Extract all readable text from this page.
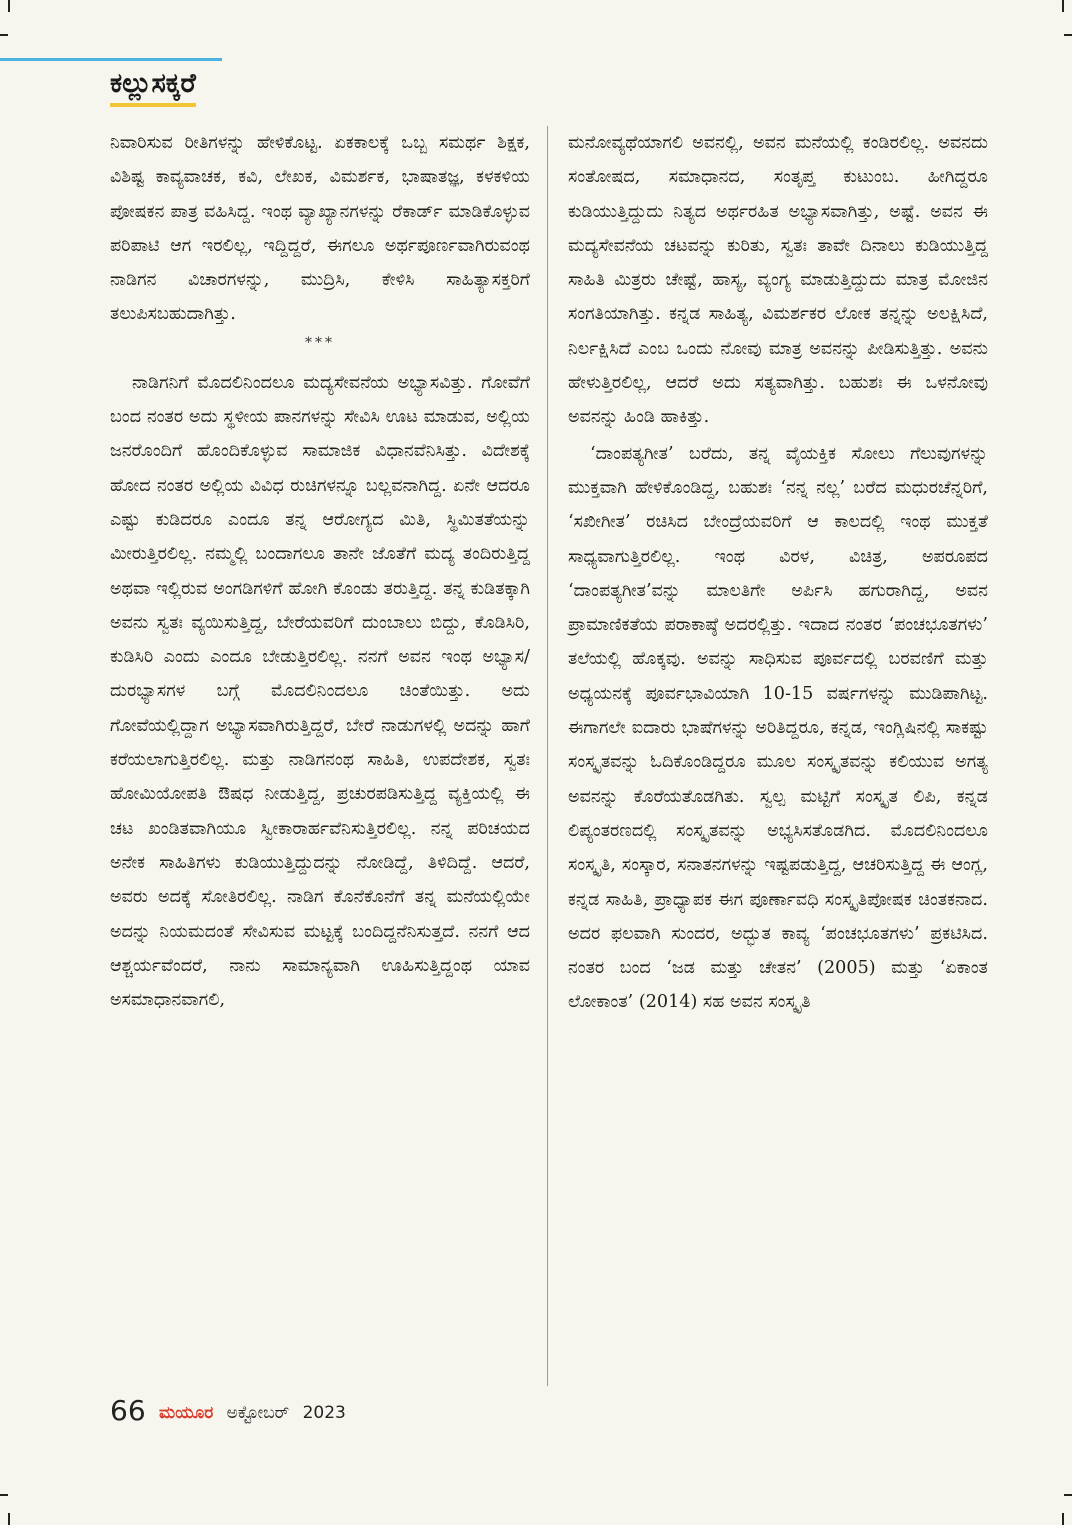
ಕಲ್ಲುಸಕ್ಕರೆ

ನಿವಾರಿಸುವ ರೀತಿಗಳನ್ನು ಹೇಳಿಕೊಟ್ಟ. ಏಕಕಾಲಕ್ಕೆ ಒಬ್ಬ ಸಮರ್ಥ ಶಿಕ್ಷಕ, ವಿಶಿಷ್ಟ ಕಾವ್ಯವಾಚಕ, ಕವಿ, ಲೇಖಕ, ವಿಮರ್ಶಕ, ಭಾಷಾತಜ್ಞ, ಕಳಕಳಿಯ ಪೋಷಕನ ಪಾತ್ರ ವಹಿಸಿದ್ದ. ಇಂಥ ವ್ಯಾಖ್ಯಾನಗಳನ್ನು ರೆಕಾರ್ಡ್ ಮಾಡಿಕೊಳ್ಳುವ ಪರಿಪಾಟಿ ಆಗ ಇರಲಿಲ್ಲ, ಇದ್ದಿದ್ದರೆ, ಈಗಲೂ ಅರ್ಥಪೂರ್ಣವಾಗಿರುವಂಥ ನಾಡಿಗನ ವಿಚಾರಗಳನ್ನು, ಮುದ್ರಿಸಿ, ಕೇಳಿಸಿ ಸಾಹಿತ್ಯಾಸಕ್ತರಿಗೆ ತಲುಪಿಸಬಹುದಾಗಿತ್ತು.

***

ನಾಡಿಗನಿಗೆ ಮೊದಲಿನಿಂದಲೂ ಮದ್ಯಸೇವನೆಯ ಅಭ್ಯಾಸವಿತ್ತು. ಗೋವೆಗೆ ಬಂದ ನಂತರ ಅದು ಸ್ಥಳೀಯ ಪಾನಗಳನ್ನು ಸೇವಿಸಿ ಊಟ ಮಾಡುವ, ಅಲ್ಲಿಯ ಜನರೊಂದಿಗೆ ಹೊಂದಿಕೊಳ್ಳುವ ಸಾಮಾಜಿಕ ವಿಧಾನವೆನಿಸಿತ್ತು. ವಿದೇಶಕ್ಕೆ ಹೋದ ನಂತರ ಅಲ್ಲಿಯ ವಿವಿಧ ರುಚಿಗಳನ್ನೂ ಬಲ್ಲವನಾಗಿದ್ದ. ಏನೇ ಆದರೂ ಎಷ್ಟು ಕುಡಿದರೂ ಎಂದೂ ತನ್ನ ಆರೋಗ್ಯದ ಮಿತಿ, ಸ್ಥಿಮಿತತೆಯನ್ನು ಮೀರುತ್ತಿರಲಿಲ್ಲ. ನಮ್ಮಲ್ಲಿ ಬಂದಾಗಲೂ ತಾನೇ ಜೊತೆಗೆ ಮದ್ಯ ತಂದಿರುತ್ತಿದ್ದ ಅಥವಾ ಇಲ್ಲಿರುವ ಅಂಗಡಿಗಳಿಗೆ ಹೋಗಿ ಕೊಂಡು ತರುತ್ತಿದ್ದ. ತನ್ನ ಕುಡಿತಕ್ಕಾಗಿ ಅವನು ಸ್ವತಃ ವ್ಯಯಿಸುತ್ತಿದ್ದ, ಬೇರೆಯವರಿಗೆ ದುಂಬಾಲು ಬಿದ್ದು, ಕೊಡಿಸಿರಿ, ಕುಡಿಸಿರಿ ಎಂದು ಎಂದೂ ಬೇಡುತ್ತಿರಲಿಲ್ಲ. ನನಗೆ ಅವನ ಇಂಥ ಅಭ್ಯಾಸ/ದುರಭ್ಯಾಸಗಳ ಬಗ್ಗೆ ಮೊದಲಿನಿಂದಲೂ ಚಿಂತೆಯಿತ್ತು. ಅದು ಗೋವೆಯಲ್ಲಿದ್ದಾಗ ಅಭ್ಯಾಸವಾಗಿರುತ್ತಿದ್ದರೆ, ಬೇರೆ ನಾಡುಗಳಲ್ಲಿ ಅದನ್ನು ಹಾಗೆ ಕರೆಯಲಾಗುತ್ತಿರಲಿಲ್ಲ. ಮತ್ತು ನಾಡಿಗನಂಥ ಸಾಹಿತಿ, ಉಪದೇಶಕ, ಸ್ವತಃ ಹೋಮಿಯೋಪತಿ ಔಷಧ ನೀಡುತ್ತಿದ್ದ, ಪ್ರಚುರಪಡಿಸುತ್ತಿದ್ದ ವ್ಯಕ್ತಿಯಲ್ಲಿ ಈ ಚಟ ಖಂಡಿತವಾಗಿಯೂ ಸ್ವೀಕಾರಾರ್ಹವೆನಿಸುತ್ತಿರಲಿಲ್ಲ. ನನ್ನ ಪರಿಚಯದ ಅನೇಕ ಸಾಹಿತಿಗಳು ಕುಡಿಯುತ್ತಿದ್ದುದನ್ನು ನೋಡಿದ್ದೆ, ತಿಳಿದಿದ್ದೆ. ಆದರೆ, ಅವರು ಅದಕ್ಕೆ ಸೋತಿರಲಿಲ್ಲ. ನಾಡಿಗ ಕೊನೆಕೊನೆಗೆ ತನ್ನ ಮನೆಯಲ್ಲಿಯೇ ಅದನ್ನು ನಿಯಮದಂತೆ ಸೇವಿಸುವ ಮಟ್ಟಕ್ಕೆ ಬಂದಿದ್ದನೆನಿಸುತ್ತದೆ. ನನಗೆ ಆದ ಆಶ್ಚರ್ಯವೆಂದರೆ, ನಾನು ಸಾಮಾನ್ಯವಾಗಿ ಊಹಿಸುತ್ತಿದ್ದಂಥ ಯಾವ ಅಸಮಾಧಾನವಾಗಲಿ,

ಮನೋವ್ಯಥೆಯಾಗಲಿ ಅವನಲ್ಲಿ, ಅವನ ಮನೆಯಲ್ಲಿ ಕಂಡಿರಲಿಲ್ಲ. ಅವನದು ಸಂತೋಷದ, ಸಮಾಧಾನದ, ಸಂತೃಪ್ತ ಕುಟುಂಬ. ಹೀಗಿದ್ದರೂ ಕುಡಿಯುತ್ತಿದ್ದುದು ನಿತ್ಯದ ಅರ್ಥರಹಿತ ಅಭ್ಯಾಸವಾಗಿತ್ತು, ಅಷ್ಟೆ. ಅವನ ಈ ಮದ್ಯಸೇವನೆಯ ಚಟವನ್ನು ಕುರಿತು, ಸ್ವತಃ ತಾವೇ ದಿನಾಲು ಕುಡಿಯುತ್ತಿದ್ದ ಸಾಹಿತಿ ಮಿತ್ರರು ಚೇಷ್ಟೆ, ಹಾಸ್ಯ, ವ್ಯಂಗ್ಯ ಮಾಡುತ್ತಿದ್ದುದು ಮಾತ್ರ ಮೋಜಿನ ಸಂಗತಿಯಾಗಿತ್ತು. ಕನ್ನಡ ಸಾಹಿತ್ಯ, ವಿಮರ್ಶಕರ ಲೋಕ ತನ್ನನ್ನು ಅಲಕ್ಷಿಸಿದೆ, ನಿರ್ಲಕ್ಷಿಸಿದೆ ಎಂಬ ಒಂದು ನೋವು ಮಾತ್ರ ಅವನನ್ನು ಪೀಡಿಸುತ್ತಿತ್ತು. ಅವನು ಹೇಳುತ್ತಿರಲಿಲ್ಲ, ಆದರೆ ಅದು ಸತ್ಯವಾಗಿತ್ತು. ಬಹುಶಃ ಈ ಒಳನೋವು ಅವನನ್ನು ಹಿಂಡಿ ಹಾಕಿತ್ತು.

‘ದಾಂಪತ್ಯಗೀತ’ ಬರೆದು, ತನ್ನ ವೈಯಕ್ತಿಕ ಸೋಲು ಗೆಲುವುಗಳನ್ನು ಮುಕ್ತವಾಗಿ ಹೇಳಿಕೊಂಡಿದ್ದ, ಬಹುಶಃ ‘ನನ್ನ ನಲ್ಲ’ ಬರೆದ ಮಧುರಚೆನ್ನರಿಗೆ, ‘ಸಖೀಗೀತ’ ರಚಿಸಿದ ಬೇಂದ್ರೆಯವರಿಗೆ ಆ ಕಾಲದಲ್ಲಿ ಇಂಥ ಮುಕ್ತತೆ ಸಾಧ್ಯವಾಗುತ್ತಿರಲಿಲ್ಲ. ಇಂಥ ವಿರಳ, ವಿಚಿತ್ರ, ಅಪರೂಪದ ‘ದಾಂಪತ್ಯಗೀತ’ವನ್ನು ಮಾಲತಿಗೇ ಅರ್ಪಿಸಿ ಹಗುರಾಗಿದ್ದ, ಅವನ ಪ್ರಾಮಾಣಿಕತೆಯ ಪರಾಕಾಷ್ಠೆ ಅದರಲ್ಲಿತ್ತು. ಇದಾದ ನಂತರ ‘ಪಂಚಭೂತಗಳು’ ತಲೆಯಲ್ಲಿ ಹೊಕ್ಕವು. ಅವನ್ನು ಸಾಧಿಸುವ ಪೂರ್ವದಲ್ಲಿ ಬರವಣಿಗೆ ಮತ್ತು ಅಧ್ಯಯನಕ್ಕೆ ಪೂರ್ವಭಾವಿಯಾಗಿ 10-15 ವರ್ಷಗಳನ್ನು ಮುಡಿಪಾಗಿಟ್ಟ. ಈಗಾಗಲೇ ಐದಾರು ಭಾಷೆಗಳನ್ನು ಅರಿತಿದ್ದರೂ, ಕನ್ನಡ, ಇಂಗ್ಲಿಷಿನಲ್ಲಿ ಸಾಕಷ್ಟು ಸಂಸ್ಕೃತವನ್ನು ಓದಿಕೊಂಡಿದ್ದರೂ ಮೂಲ ಸಂಸ್ಕೃತವನ್ನು ಕಲಿಯುವ ಅಗತ್ಯ ಅವನನ್ನು ಕೊರೆಯತೊಡಗಿತು. ಸ್ವಲ್ಪ ಮಟ್ಟಿಗೆ ಸಂಸ್ಕೃತ ಲಿಪಿ, ಕನ್ನಡ ಲಿಪ್ಯಂತರಣದಲ್ಲಿ ಸಂಸ್ಕೃತವನ್ನು ಅಭ್ಯಸಿಸತೊಡಗಿದ. ಮೊದಲಿನಿಂದಲೂ ಸಂಸ್ಕೃತಿ, ಸಂಸ್ಕಾರ, ಸನಾತನಗಳನ್ನು ಇಷ್ಟಪಡುತ್ತಿದ್ದ, ಆಚರಿಸುತ್ತಿದ್ದ ಈ ಆಂಗ್ಲ, ಕನ್ನಡ ಸಾಹಿತಿ, ಪ್ರಾಧ್ಯಾಪಕ ಈಗ ಪೂರ್ಣಾವಧಿ ಸಂಸ್ಕೃತಿಪೋಷಕ ಚಿಂತಕನಾದ. ಅದರ ಫಲವಾಗಿ ಸುಂದರ, ಅದ್ಭುತ ಕಾವ್ಯ ‘ಪಂಚಭೂತಗಳು’ ಪ್ರಕಟಿಸಿದ. ನಂತರ ಬಂದ ‘ಜಡ ಮತ್ತು ಚೇತನ’ (2005) ಮತ್ತು ‘ಏಕಾಂತ ಲೋಕಾಂತ’ (2014) ಸಹ ಅವನ ಸಂಸ್ಕೃತಿ

66 ಮಯೂರ ಅಕ್ಟೋಬರ್ 2023
